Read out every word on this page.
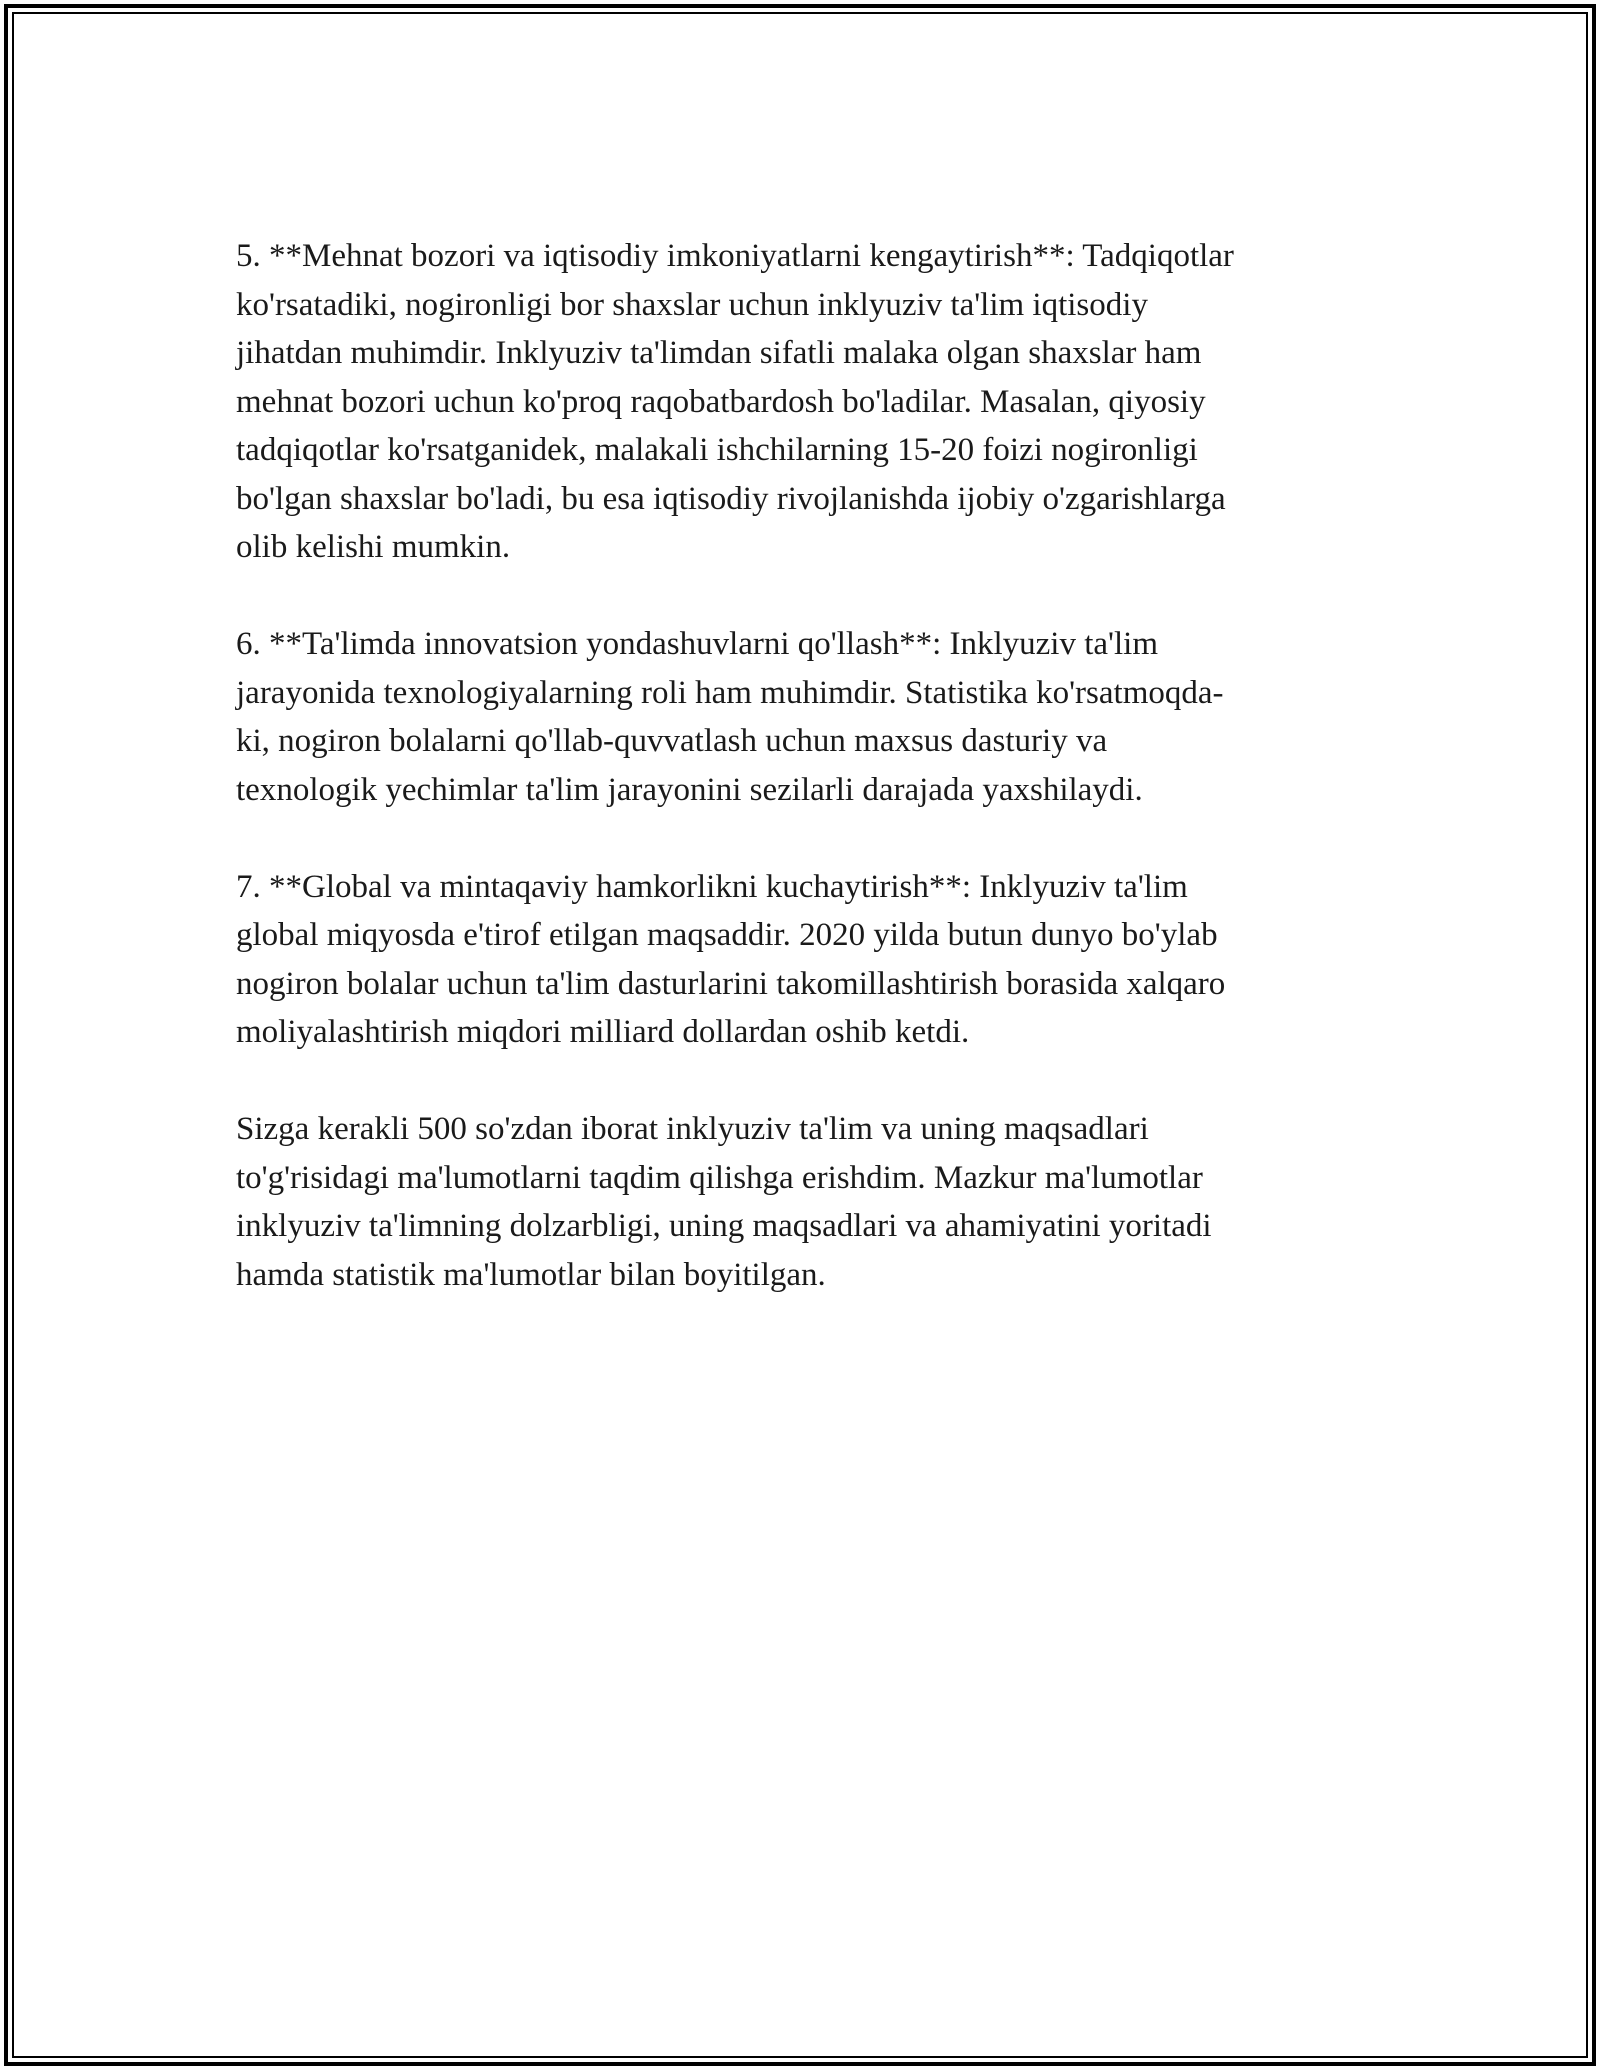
5. **Mehnat bozori va iqtisodiy imkoniyatlarni kengaytirish**: Tadqiqotlar
ko'rsatadiki, nogironligi bor shaxslar uchun inklyuziv ta'lim iqtisodiy
jihatdan muhimdir. Inklyuziv ta'limdan sifatli malaka olgan shaxslar ham
mehnat bozori uchun ko'proq raqobatbardosh bo'ladilar. Masalan, qiyosiy
tadqiqotlar ko'rsatganidek, malakali ishchilarning 15-20 foizi nogironligi
bo'lgan shaxslar bo'ladi, bu esa iqtisodiy rivojlanishda ijobiy o'zgarishlarga
olib kelishi mumkin.

6. **Ta'limda innovatsion yondashuvlarni qo'llash**: Inklyuziv ta'lim
jarayonida texnologiyalarning roli ham muhimdir. Statistika ko'rsatmoqda-
ki, nogiron bolalarni qo'llab-quvvatlash uchun maxsus dasturiy va
texnologik yechimlar ta'lim jarayonini sezilarli darajada yaxshilaydi.

7. **Global va mintaqaviy hamkorlikni kuchaytirish**: Inklyuziv ta'lim
global miqyosda e'tirof etilgan maqsaddir. 2020 yilda butun dunyo bo'ylab
nogiron bolalar uchun ta'lim dasturlarini takomillashtirish borasida xalqaro
moliyalashtirish miqdori milliard dollardan oshib ketdi.

Sizga kerakli 500 so'zdan iborat inklyuziv ta'lim va uning maqsadlari
to'g'risidagi ma'lumotlarni taqdim qilishga erishdim. Mazkur ma'lumotlar
inklyuziv ta'limning dolzarbligi, uning maqsadlari va ahamiyatini yoritadi
hamda statistik ma'lumotlar bilan boyitilgan.
